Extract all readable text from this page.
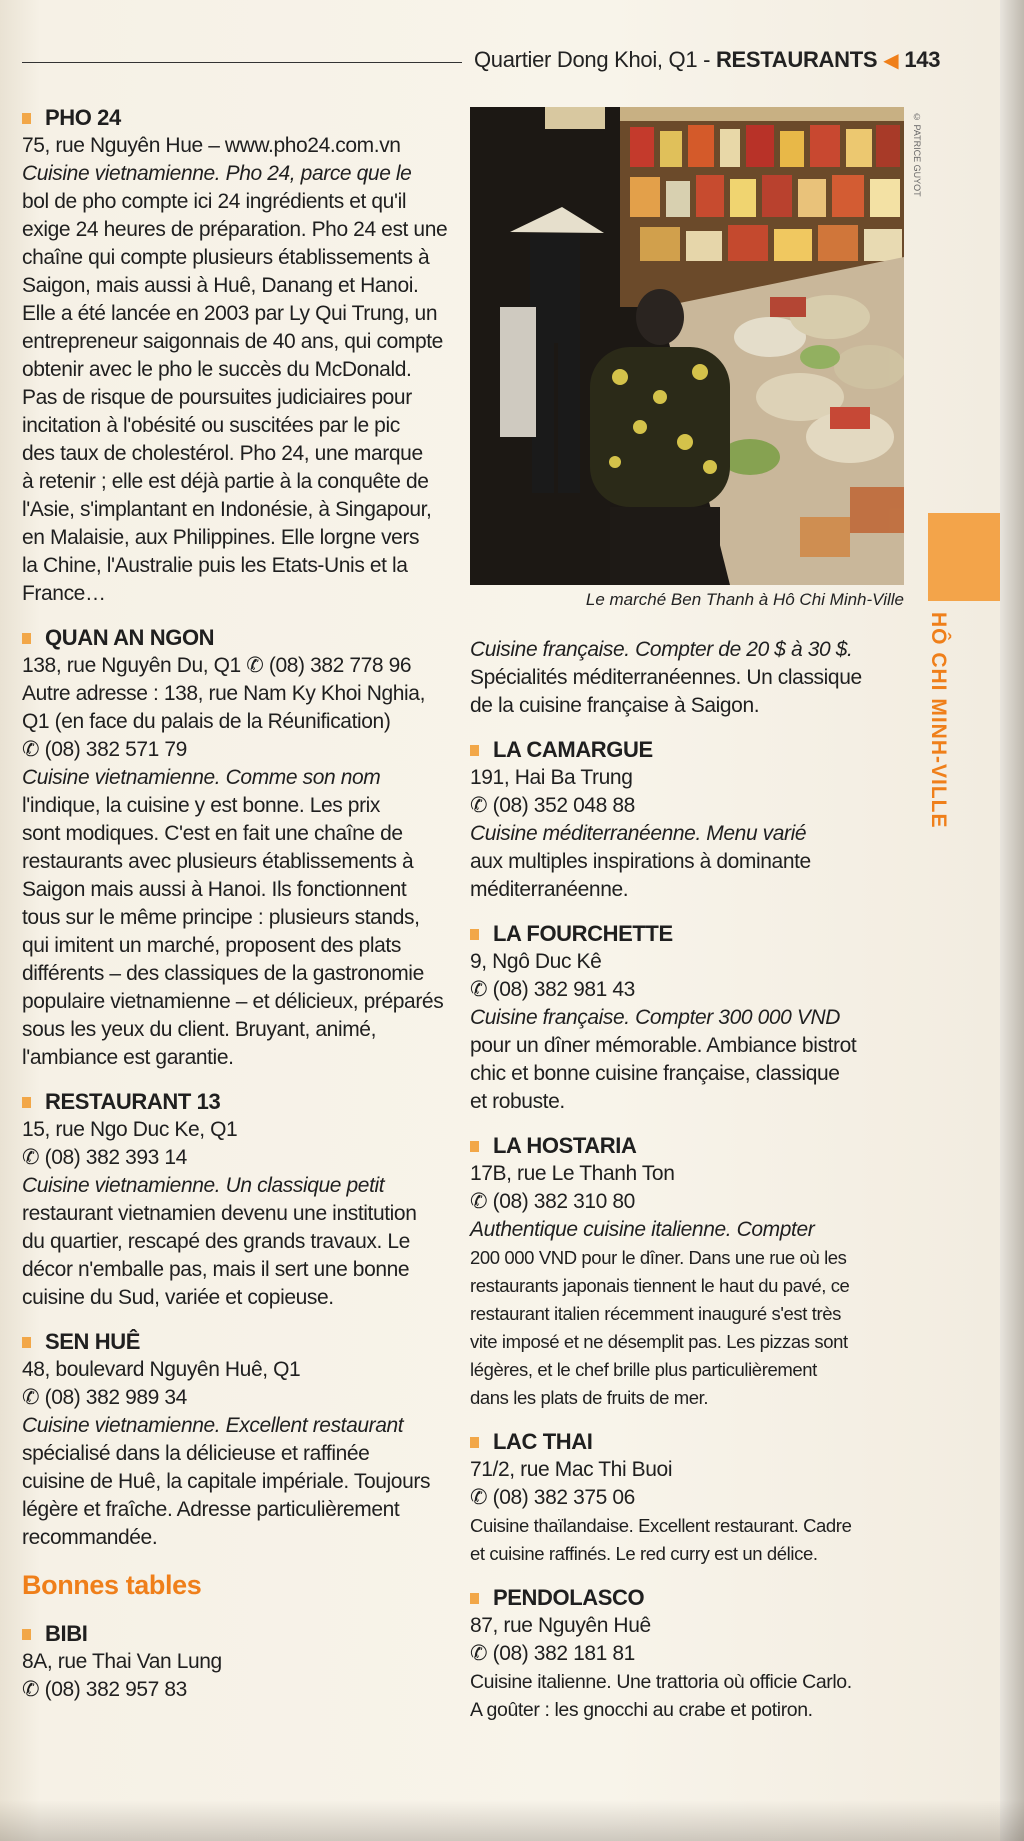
Quartier Dong Khoi, Q1 - RESTAURANTS ◀ 143
PHO 24
75, rue Nguyên Hue – www.pho24.com.vn
Cuisine vietnamienne. Pho 24, parce que le
bol de pho compte ici 24 ingrédients et qu'il
exige 24 heures de préparation. Pho 24 est une
chaîne qui compte plusieurs établissements à
Saigon, mais aussi à Huê, Danang et Hanoi.
Elle a été lancée en 2003 par Ly Qui Trung, un
entrepreneur saigonnais de 40 ans, qui compte
obtenir avec le pho le succès du McDonald.
Pas de risque de poursuites judiciaires pour
incitation à l'obésité ou suscitées par le pic
des taux de cholestérol. Pho 24, une marque
à retenir ; elle est déjà partie à la conquête de
l'Asie, s'implantant en Indonésie, à Singapour,
en Malaisie, aux Philippines. Elle lorgne vers
la Chine, l'Australie puis les Etats-Unis et la
France…
QUAN AN NGON
138, rue Nguyên Du, Q1 ✆ (08) 382 778 96
Autre adresse : 138, rue Nam Ky Khoi Nghia,
Q1 (en face du palais de la Réunification)
✆ (08) 382 571 79
Cuisine vietnamienne. Comme son nom
l'indique, la cuisine y est bonne. Les prix
sont modiques. C'est en fait une chaîne de
restaurants avec plusieurs établissements à
Saigon mais aussi à Hanoi. Ils fonctionnent
tous sur le même principe : plusieurs stands,
qui imitent un marché, proposent des plats
différents – des classiques de la gastronomie
populaire vietnamienne – et délicieux, préparés
sous les yeux du client. Bruyant, animé,
l'ambiance est garantie.
RESTAURANT 13
15, rue Ngo Duc Ke, Q1
✆ (08) 382 393 14
Cuisine vietnamienne. Un classique petit
restaurant vietnamien devenu une institution
du quartier, rescapé des grands travaux. Le
décor n'emballe pas, mais il sert une bonne
cuisine du Sud, variée et copieuse.
SEN HUÊ
48, boulevard Nguyên Huê, Q1
✆ (08) 382 989 34
Cuisine vietnamienne. Excellent restaurant
spécialisé dans la délicieuse et raffinée
cuisine de Huê, la capitale impériale. Toujours
légère et fraîche. Adresse particulièrement
recommandée.
Bonnes tables
BIBI
8A, rue Thai Van Lung
✆ (08) 382 957 83
© PATRICE GUYOT
Le marché Ben Thanh à Hô Chi Minh-Ville
HÔ CHI MINH-VILLE
Cuisine française. Compter de 20 $ à 30 $.
Spécialités méditerranéennes. Un classique
de la cuisine française à Saigon.
LA CAMARGUE
191, Hai Ba Trung
✆ (08) 352 048 88
Cuisine méditerranéenne. Menu varié
aux multiples inspirations à dominante
méditerranéenne.
LA FOURCHETTE
9, Ngô Duc Kê
✆ (08) 382 981 43
Cuisine française. Compter 300 000 VND
pour un dîner mémorable. Ambiance bistrot
chic et bonne cuisine française, classique
et robuste.
LA HOSTARIA
17B, rue Le Thanh Ton
✆ (08) 382 310 80
Authentique cuisine italienne. Compter
200 000 VND pour le dîner. Dans une rue où les
restaurants japonais tiennent le haut du pavé, ce
restaurant italien récemment inauguré s'est très
vite imposé et ne désemplit pas. Les pizzas sont
légères, et le chef brille plus particulièrement
dans les plats de fruits de mer.
LAC THAI
71/2, rue Mac Thi Buoi
✆ (08) 382 375 06
Cuisine thaïlandaise. Excellent restaurant. Cadre
et cuisine raffinés. Le red curry est un délice.
PENDOLASCO
87, rue Nguyên Huê
✆ (08) 382 181 81
Cuisine italienne. Une trattoria où officie Carlo.
A goûter : les gnocchi au crabe et potiron.
